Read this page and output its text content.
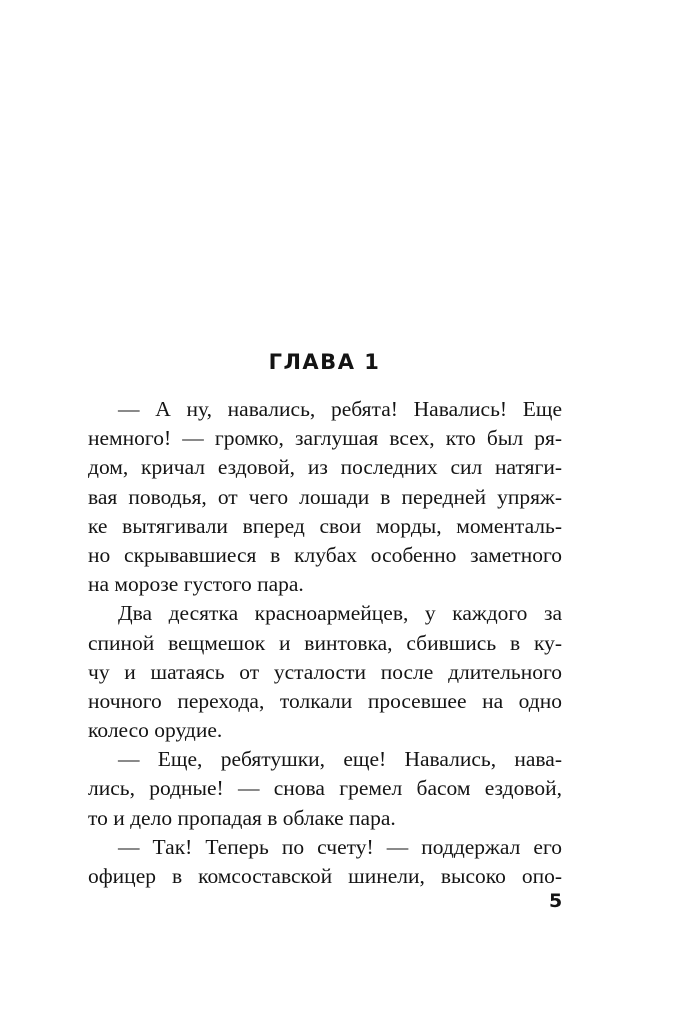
ГЛАВА 1
— А ну, навались, ребята! Навались! Еще
немного! — громко, заглушая всех, кто был ря-
дом, кричал ездовой, из последних сил натяги-
вая поводья, от чего лошади в передней упряж-
ке вытягивали вперед свои морды, моменталь-
но скрывавшиеся в клубах особенно заметного
на морозе густого пара.
Два десятка красноармейцев, у каждого за
спиной вещмешок и винтовка, сбившись в ку-
чу и шатаясь от усталости после длительного
ночного перехода, толкали просевшее на одно
колесо орудие.
— Еще, ребятушки, еще! Навались, нава-
лись, родные! — снова гремел басом ездовой,
то и дело пропадая в облаке пара.
— Так! Теперь по счету! — поддержал его
офицер в комсоставской шинели, высоко опо-
5
